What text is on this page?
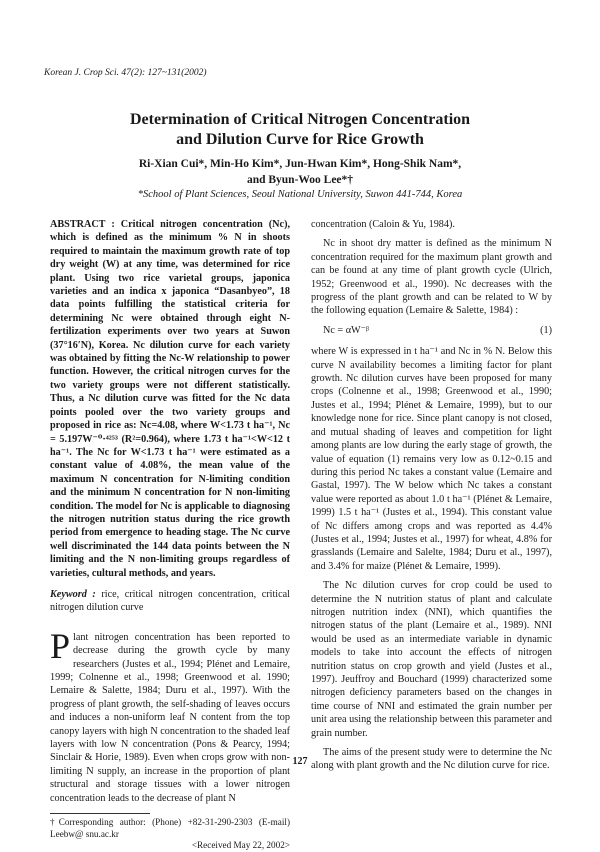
Korean J. Crop Sci. 47(2): 127~131(2002)
Determination of Critical Nitrogen Concentration
and Dilution Curve for Rice Growth
Ri-Xian Cui*, Min-Ho Kim*, Jun-Hwan Kim*, Hong-Shik Nam*,
and Byun-Woo Lee*†
*School of Plant Sciences, Seoul National University, Suwon 441-744, Korea
ABSTRACT : Critical nitrogen concentration (Nc), which is defined as the minimum % N in shoots required to maintain the maximum growth rate of top dry weight (W) at any time, was determined for rice plant. Using two rice varietal groups, japonica varieties and an indica x japonica “Dasanbyeo”, 18 data points fulfilling the statistical criteria for determining Nc were obtained through eight N-fertilization experiments over two years at Suwon (37°16′N), Korea. Nc dilution curve for each variety was obtained by fitting the Nc-W relationship to power function. However, the critical nitrogen curves for the two variety groups were not different statistically. Thus, a Nc dilution curve was fitted for the Nc data points pooled over the two variety groups and proposed in rice as: Nc=4.08, where W<1.73 t ha⁻¹, Nc = 5.197W⁻⁰·⁴²⁵³ (R²=0.964), where 1.73 t ha⁻¹<W<12 t ha⁻¹. The Nc for W<1.73 t ha⁻¹ were estimated as a constant value of 4.08%, the mean value of the maximum N concentration for N-limiting condition and the minimum N concentration for N non-limiting condition. The model for Nc is applicable to diagnosing the nitrogen nutrition status during the rice growth period from emergence to heading stage. The Nc curve well discriminated the 144 data points between the N limiting and the N non-limiting groups regardless of varieties, cultural methods, and years.
Keyword : rice, critical nitrogen concentration, critical nitrogen dilution curve
Plant nitrogen concentration has been reported to decrease during the growth cycle by many researchers (Justes et al., 1994; Plénet and Lemaire, 1999; Colnenne et al., 1998; Greenwood et al. 1990; Lemaire & Salette, 1984; Duru et al., 1997). With the progress of plant growth, the self-shading of leaves occurs and induces a non-uniform leaf N content from the top canopy layers with high N concentration to the shaded leaf layers with low N concentration (Pons & Pearcy, 1994; Sinclair & Horie, 1989). Even when crops grow with non-limiting N supply, an increase in the proportion of plant structural and storage tissues with a lower nitrogen concentration leads to the decrease of plant N
†Corresponding author: (Phone) +82-31-290-2303 (E-mail) Leebw@ snu.ac.kr
<Received May 22, 2002>

concentration (Caloin & Yu, 1984).

Nc in shoot dry matter is defined as the minimum N concentration required for the maximum plant growth and can be found at any time of plant growth cycle (Ulrich, 1952; Greenwood et al., 1990). Nc decreases with the progress of the plant growth and can be related to W by the following equation (Lemaire & Salette, 1984) :

Nc = αW⁻ᵝ	(1)

where W is expressed in t ha⁻¹ and Nc in % N. Below this curve N availability becomes a limiting factor for plant growth. Nc dilution curves have been proposed for many crops (Colnenne et al., 1998; Greenwood et al., 1990; Justes et al., 1994; Plénet & Lemaire, 1999), but to our knowledge none for rice. Since plant canopy is not closed, and mutual shading of leaves and competition for light among plants are low during the early stage of growth, the value of equation (1) remains very low as 0.12~0.15 and during this period Nc takes a constant value (Lemaire and Gastal, 1997). The W below which Nc takes a constant value were reported as about 1.0 t ha⁻¹ (Plénet & Lemaire, 1999) 1.5 t ha⁻¹ (Justes et al., 1994). This constant value of Nc differs among crops and was reported as 4.4% (Justes et al., 1994; Justes et al., 1997) for wheat, 4.8% for grasslands (Lemaire and Salelte, 1984; Duru et al., 1997), and 3.4% for maize (Plénet & Lemaire, 1999).

The Nc dilution curves for crop could be used to determine the N nutrition status of plant and calculate nitrogen nutrition index (NNI), which quantifies the nitrogen status of the plant (Lemaire et al., 1989). NNI would be used as an intermediate variable in dynamic models to take into account the effects of nitrogen nutrition status on crop growth and yield (Justes et al., 1997). Jeuffroy and Bouchard (1999) characterized some nitrogen deficiency parameters based on the changes in time course of NNI and estimated the grain number per unit area using the relationship between this parameter and grain number.

The aims of the present study were to determine the Nc along with plant growth and the Nc dilution curve for rice.

127
